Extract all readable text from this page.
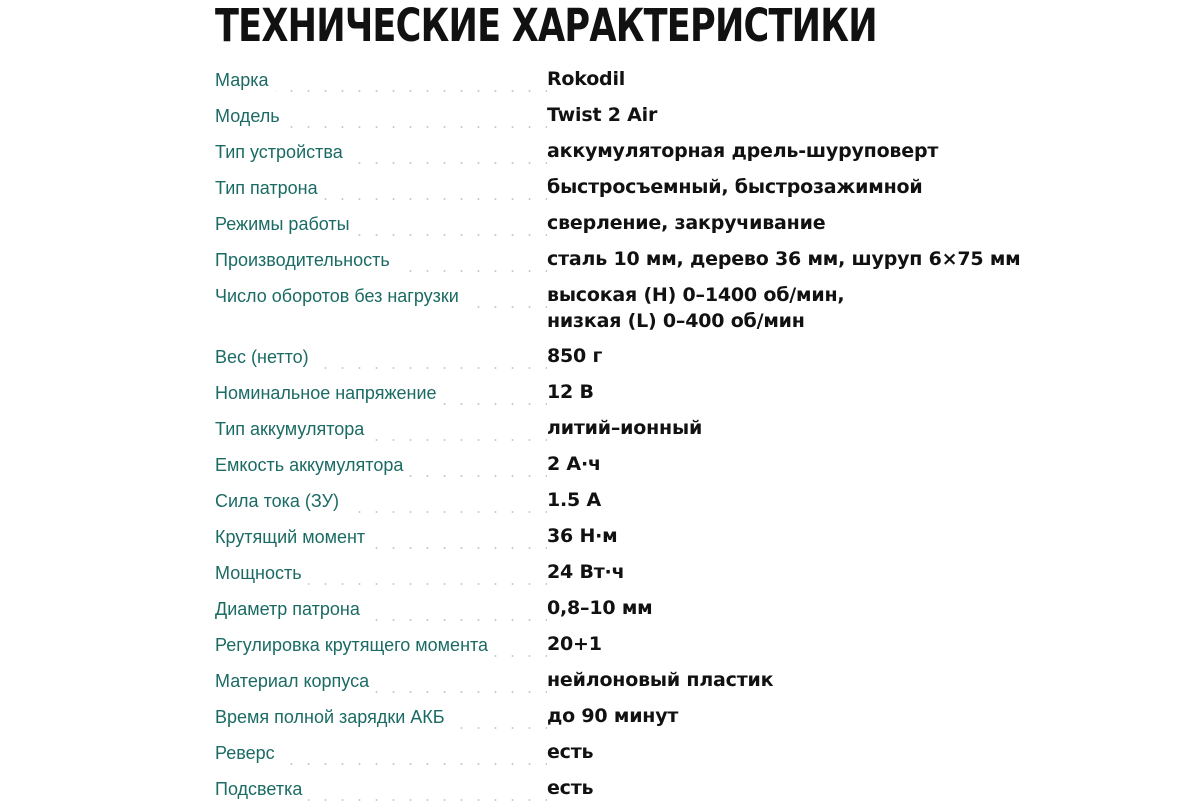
ТЕХНИЧЕСКИЕ ХАРАКТЕРИСТИКИ
Марка	Rokodil
Модель	Twist 2 Air
Тип устройства	аккумуляторная дрель-шуруповерт
Тип патрона	быстросъемный, быстрозажимной
Режимы работы	сверление, закручивание
Производительность	сталь 10 мм, дерево 36 мм, шуруп 6×75 мм
Число оборотов без нагрузки	высокая (H) 0–1400 об/мин,
низкая (L) 0–400 об/мин
Вес (нетто)	850 г
Номинальное напряжение	12 В
Тип аккумулятора	литий–ионный
Емкость аккумулятора	2 А·ч
Сила тока (ЗУ)	1.5 А
Крутящий момент	36 Н·м
Мощность	24 Вт·ч
Диаметр патрона	0,8–10 мм
Регулировка крутящего момента	20+1
Материал корпуса	нейлоновый пластик
Время полной зарядки АКБ	до 90 минут
Реверс	есть
Подсветка	есть
